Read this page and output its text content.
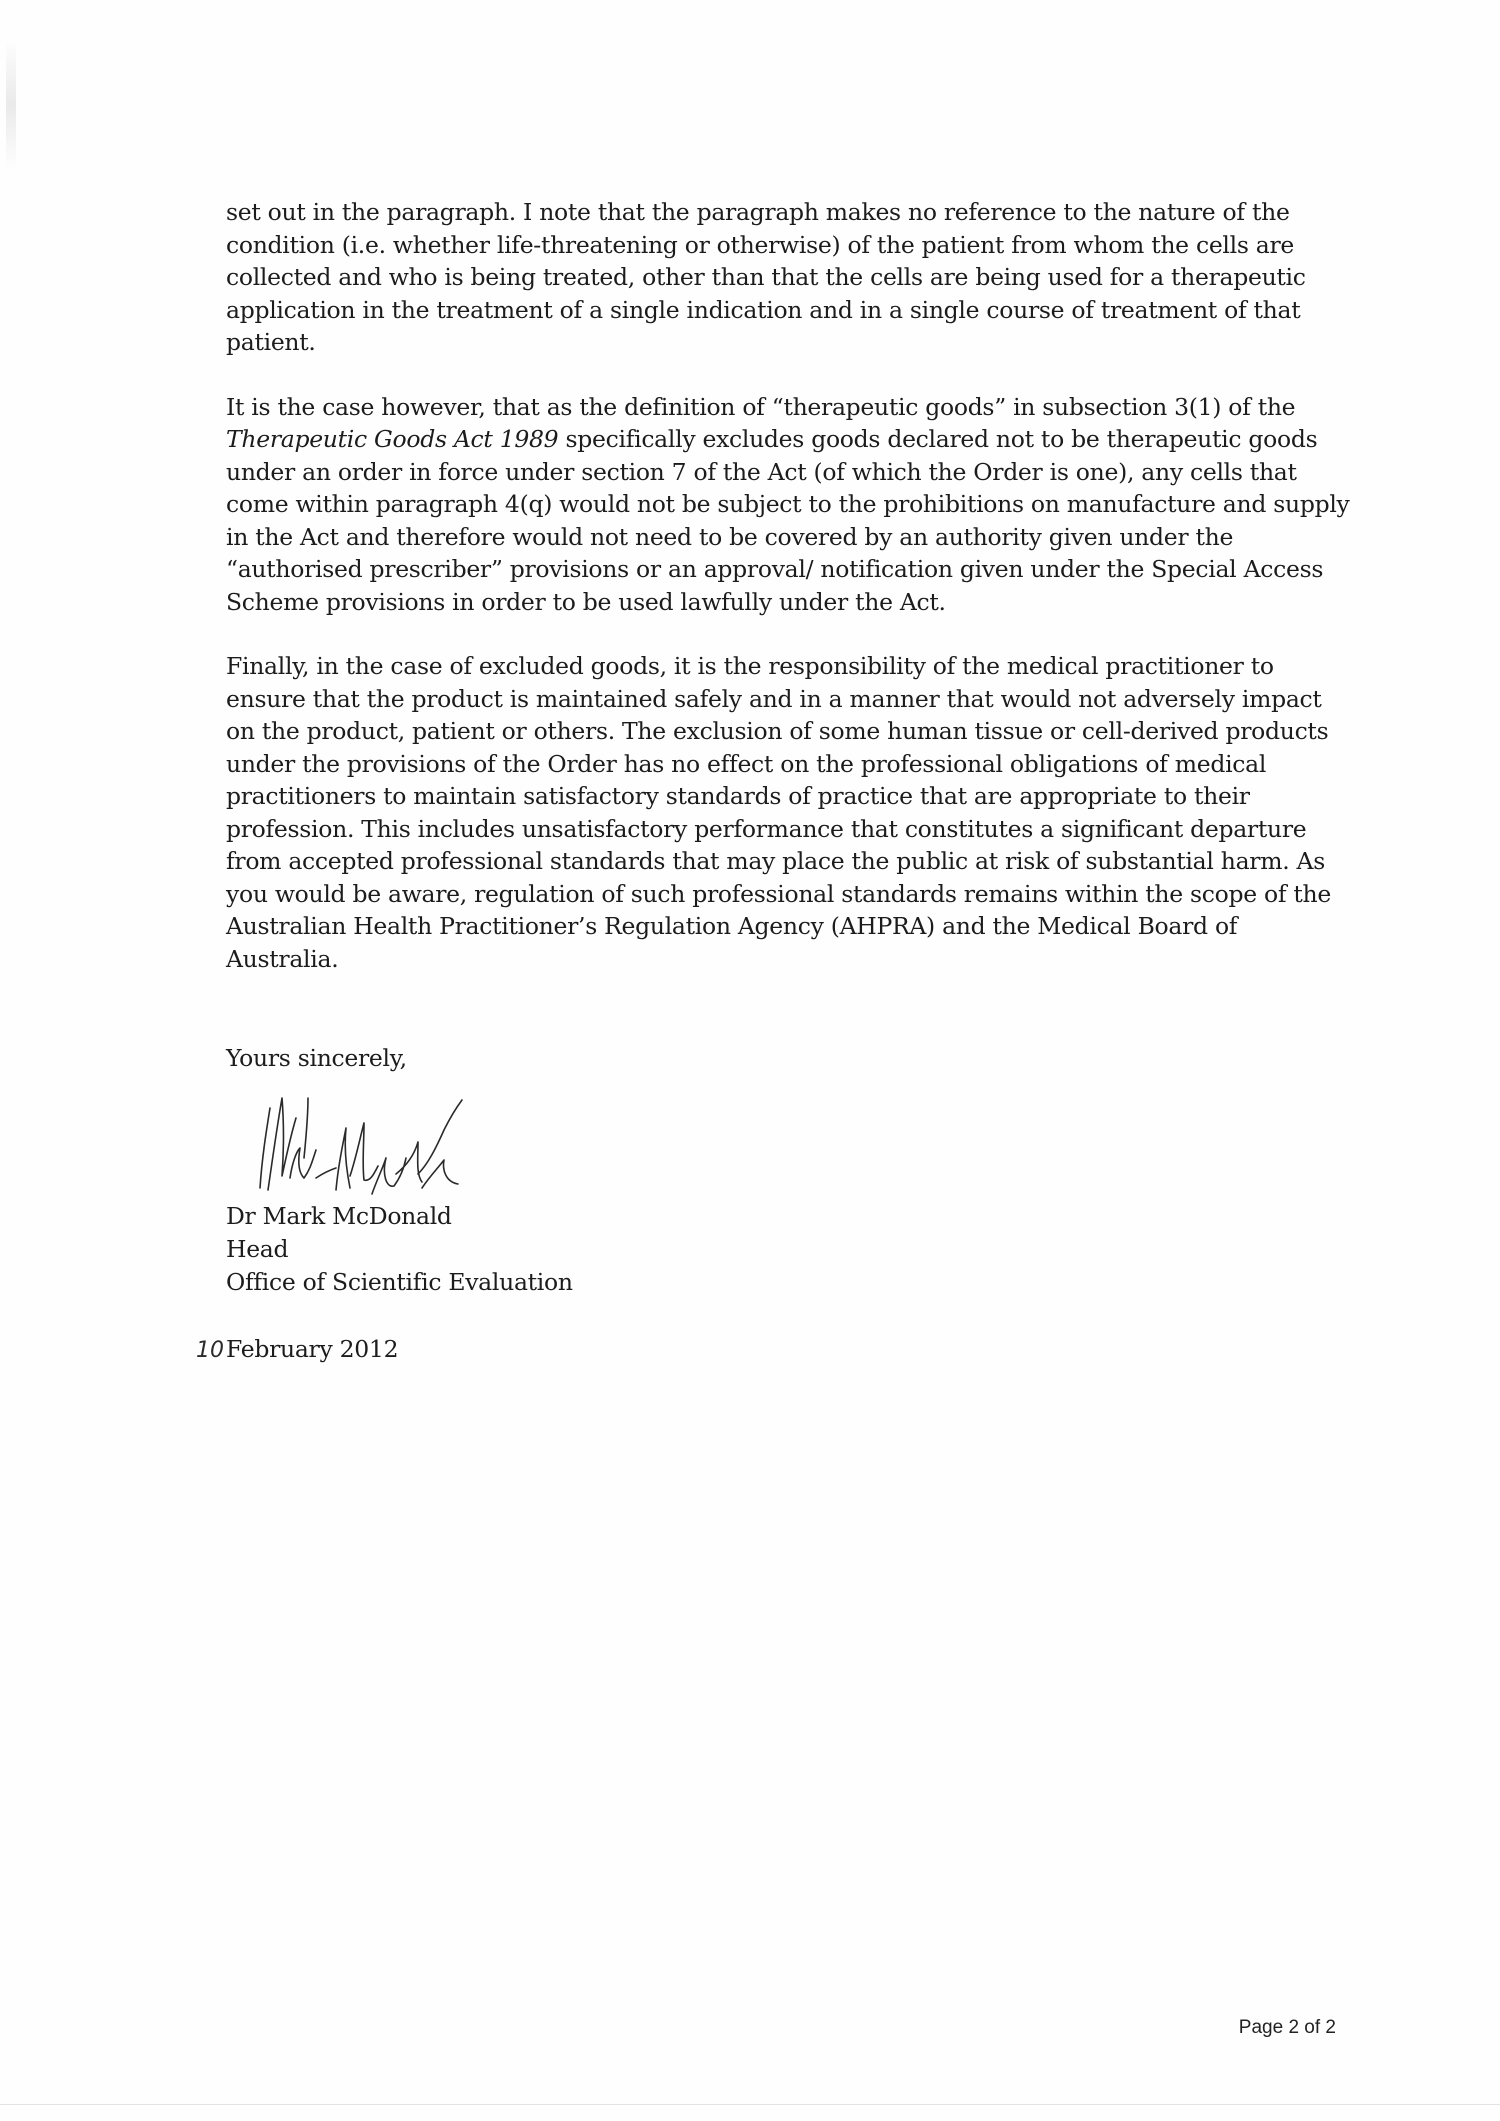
set out in the paragraph. I note that the paragraph makes no reference to the nature of the condition (i.e. whether life-threatening or otherwise) of the patient from whom the cells are collected and who is being treated, other than that the cells are being used for a therapeutic application in the treatment of a single indication and in a single course of treatment of that patient.

It is the case however, that as the definition of “therapeutic goods” in subsection 3(1) of the Therapeutic Goods Act 1989 specifically excludes goods declared not to be therapeutic goods under an order in force under section 7 of the Act (of which the Order is one), any cells that come within paragraph 4(q) would not be subject to the prohibitions on manufacture and supply in the Act and therefore would not need to be covered by an authority given under the “authorised prescriber” provisions or an approval/ notification given under the Special Access Scheme provisions in order to be used lawfully under the Act.

Finally, in the case of excluded goods, it is the responsibility of the medical practitioner to ensure that the product is maintained safely and in a manner that would not adversely impact on the product, patient or others. The exclusion of some human tissue or cell-derived products under the provisions of the Order has no effect on the professional obligations of medical practitioners to maintain satisfactory standards of practice that are appropriate to their profession. This includes unsatisfactory performance that constitutes a significant departure from accepted professional standards that may place the public at risk of substantial harm. As you would be aware, regulation of such professional standards remains within the scope of the Australian Health Practitioner’s Regulation Agency (AHPRA) and the Medical Board of Australia.

Yours sincerely,
Dr Mark McDonald
Head
Office of Scientific Evaluation
10February 2012
Page 2 of 2
